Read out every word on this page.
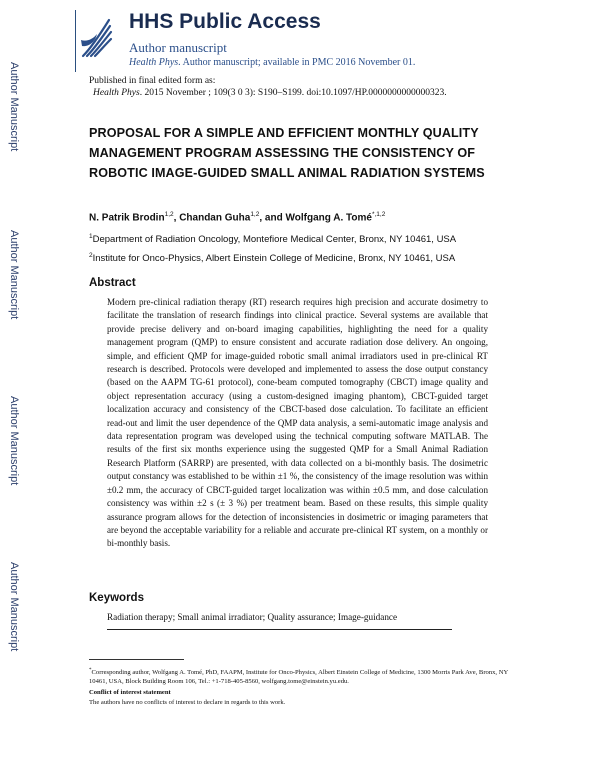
Author Manuscript
Author Manuscript
Author Manuscript
Author Manuscript
HHS Public Access
Author manuscript
Health Phys. Author manuscript; available in PMC 2016 November 01.
Published in final edited form as:
Health Phys. 2015 November ; 109(3 0 3): S190–S199. doi:10.1097/HP.0000000000000323.
PROPOSAL FOR A SIMPLE AND EFFICIENT MONTHLY QUALITY MANAGEMENT PROGRAM ASSESSING THE CONSISTENCY OF ROBOTIC IMAGE-GUIDED SMALL ANIMAL RADIATION SYSTEMS
N. Patrik Brodin$^{1,2}$, Chandan Guha$^{1,2}$, and Wolfgang A. Tomé$^{*,1,2}$
$^1$Department of Radiation Oncology, Montefiore Medical Center, Bronx, NY 10461, USA
$^2$Institute for Onco-Physics, Albert Einstein College of Medicine, Bronx, NY 10461, USA
Abstract
Modern pre-clinical radiation therapy (RT) research requires high precision and accurate dosimetry to facilitate the translation of research findings into clinical practice. Several systems are available that provide precise delivery and on-board imaging capabilities, highlighting the need for a quality management program (QMP) to ensure consistent and accurate radiation dose delivery. An ongoing, simple, and efficient QMP for image-guided robotic small animal irradiators used in pre-clinical RT research is described. Protocols were developed and implemented to assess the dose output constancy (based on the AAPM TG-61 protocol), cone-beam computed tomography (CBCT) image quality and object representation accuracy (using a custom-designed imaging phantom), CBCT-guided target localization accuracy and consistency of the CBCT-based dose calculation. To facilitate an efficient read-out and limit the user dependence of the QMP data analysis, a semi-automatic image analysis and data representation program was developed using the technical computing software MATLAB. The results of the first six months experience using the suggested QMP for a Small Animal Radiation Research Platform (SARRP) are presented, with data collected on a bi-monthly basis. The dosimetric output constancy was established to be within ±1 %, the consistency of the image resolution was within ±0.2 mm, the accuracy of CBCT-guided target localization was within ±0.5 mm, and dose calculation consistency was within ±2 s (± 3 %) per treatment beam. Based on these results, this simple quality assurance program allows for the detection of inconsistencies in dosimetric or imaging parameters that are beyond the acceptable variability for a reliable and accurate pre-clinical RT system, on a monthly or bi-monthly basis.
Keywords
Radiation therapy; Small animal irradiator; Quality assurance; Image-guidance
*Corresponding author, Wolfgang A. Tomé, PhD, FAAPM, Institute for Onco-Physics, Albert Einstein College of Medicine, 1300 Morris Park Ave, Bronx, NY 10461, USA, Block Building Room 106, Tel.: +1-718-405-8560, wolfgang.tome@einstein.yu.edu.
Conflict of interest statement
The authors have no conflicts of interest to declare in regards to this work.
